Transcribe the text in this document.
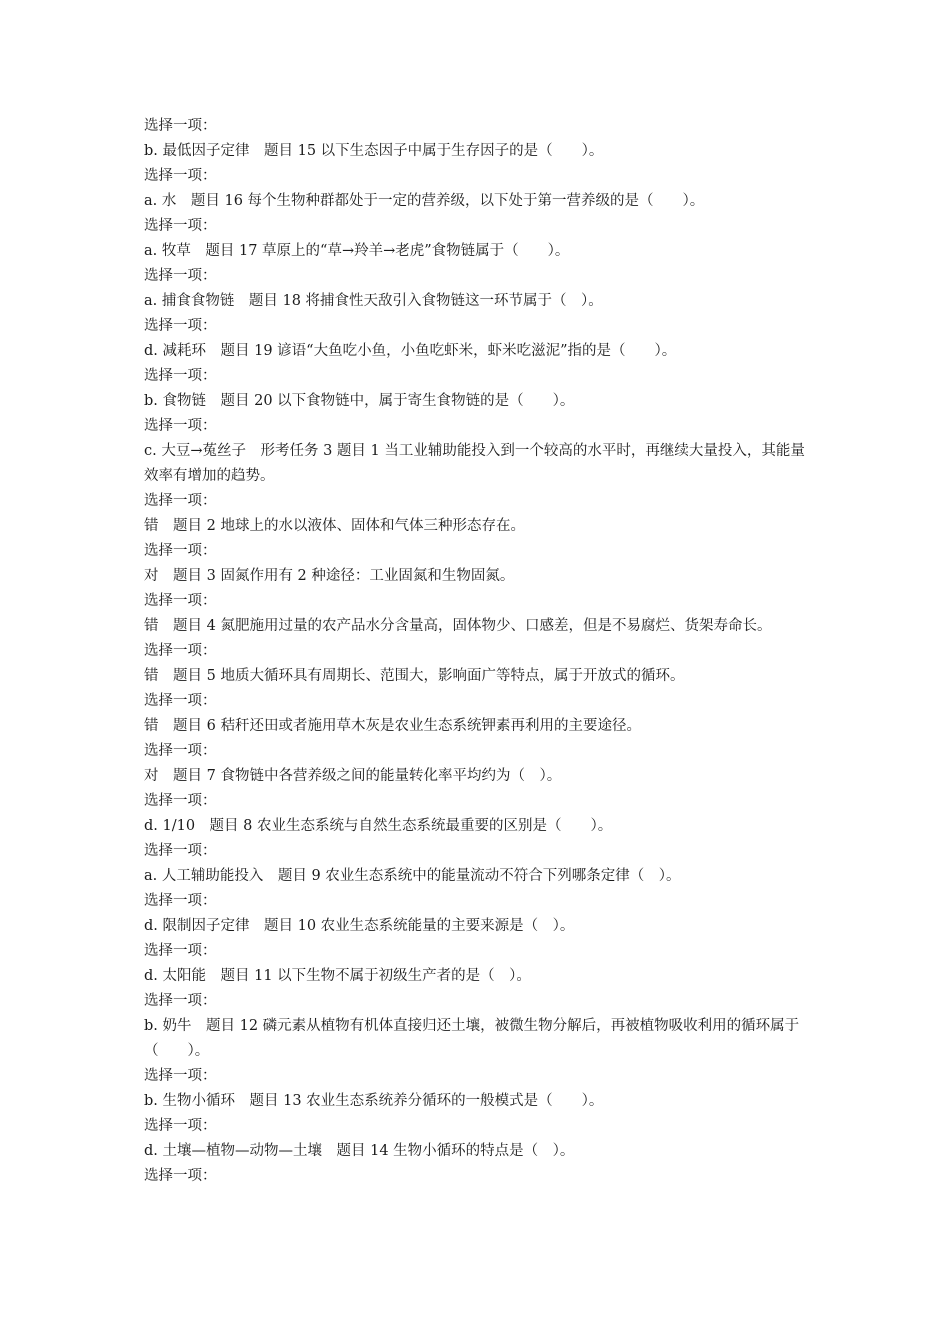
选择一项：
b. 最低因子定律　题目 15 以下生态因子中属于生存因子的是（　　）。
选择一项：
a. 水　题目 16 每个生物种群都处于一定的营养级，以下处于第一营养级的是（　　）。
选择一项：
a. 牧草　题目 17 草原上的“草→羚羊→老虎”食物链属于（　　）。
选择一项：
a. 捕食食物链　题目 18 将捕食性天敌引入食物链这一环节属于（　）。
选择一项：
d. 减耗环　题目 19 谚语“大鱼吃小鱼，小鱼吃虾米，虾米吃滋泥”指的是（　　）。
选择一项：
b. 食物链　题目 20 以下食物链中，属于寄生食物链的是（　　）。
选择一项：
c. 大豆→菟丝子　形考任务 3 题目 1 当工业辅助能投入到一个较高的水平时，再继续大量投入，其能量效率有增加的趋势。
选择一项：
错　题目 2 地球上的水以液体、固体和气体三种形态存在。
选择一项：
对　题目 3 固氮作用有 2 种途径：工业固氮和生物固氮。
选择一项：
错　题目 4 氮肥施用过量的农产品水分含量高，固体物少、口感差，但是不易腐烂、货架寿命长。
选择一项：
错　题目 5 地质大循环具有周期长、范围大，影响面广等特点，属于开放式的循环。
选择一项：
错　题目 6 秸秆还田或者施用草木灰是农业生态系统钾素再利用的主要途径。
选择一项：
对　题目 7 食物链中各营养级之间的能量转化率平均约为（　）。
选择一项：
d. 1/10　题目 8 农业生态系统与自然生态系统最重要的区别是（　　）。
选择一项：
a. 人工辅助能投入　题目 9 农业生态系统中的能量流动不符合下列哪条定律（　）。
选择一项：
d. 限制因子定律　题目 10 农业生态系统能量的主要来源是（　）。
选择一项：
d. 太阳能　题目 11 以下生物不属于初级生产者的是（　）。
选择一项：
b. 奶牛　题目 12 磷元素从植物有机体直接归还土壤，被微生物分解后，再被植物吸收利用的循环属于（　　）。
选择一项：
b. 生物小循环　题目 13 农业生态系统养分循环的一般模式是（　　）。
选择一项：
d. 土壤—植物—动物—土壤　题目 14 生物小循环的特点是（　）。
选择一项：
